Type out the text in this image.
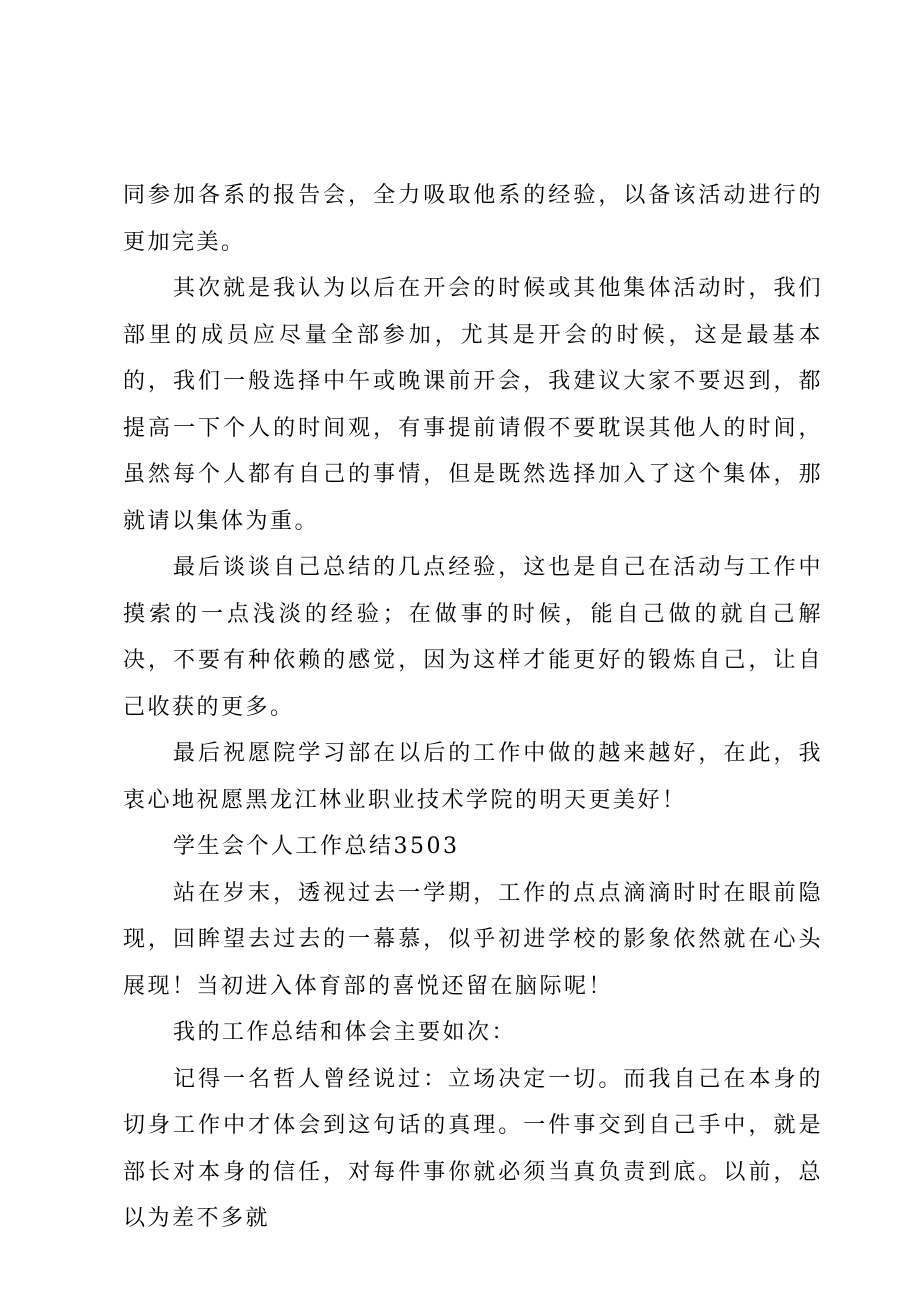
同参加各系的报告会，全力吸取他系的经验，以备该活动进行的更加完美。

其次就是我认为以后在开会的时候或其他集体活动时，我们部里的成员应尽量全部参加，尤其是开会的时候，这是最基本的，我们一般选择中午或晚课前开会，我建议大家不要迟到，都提高一下个人的时间观，有事提前请假不要耽误其他人的时间，虽然每个人都有自己的事情，但是既然选择加入了这个集体，那就请以集体为重。

最后谈谈自己总结的几点经验，这也是自己在活动与工作中摸索的一点浅淡的经验；在做事的时候，能自己做的就自己解决，不要有种依赖的感觉，因为这样才能更好的锻炼自己，让自己收获的更多。

最后祝愿院学习部在以后的工作中做的越来越好，在此，我衷心地祝愿黑龙江林业职业技术学院的明天更美好！

学生会个人工作总结3503

站在岁末，透视过去一学期，工作的点点滴滴时时在眼前隐现，回眸望去过去的一幕慕，似乎初进学校的影象依然就在心头展现！当初进入体育部的喜悦还留在脑际呢！

我的工作总结和体会主要如次：

记得一名哲人曾经说过：立场决定一切。而我自己在本身的切身工作中才体会到这句话的真理。一件事交到自己手中，就是部长对本身的信任，对每件事你就必须当真负责到底。以前，总以为差不多就
